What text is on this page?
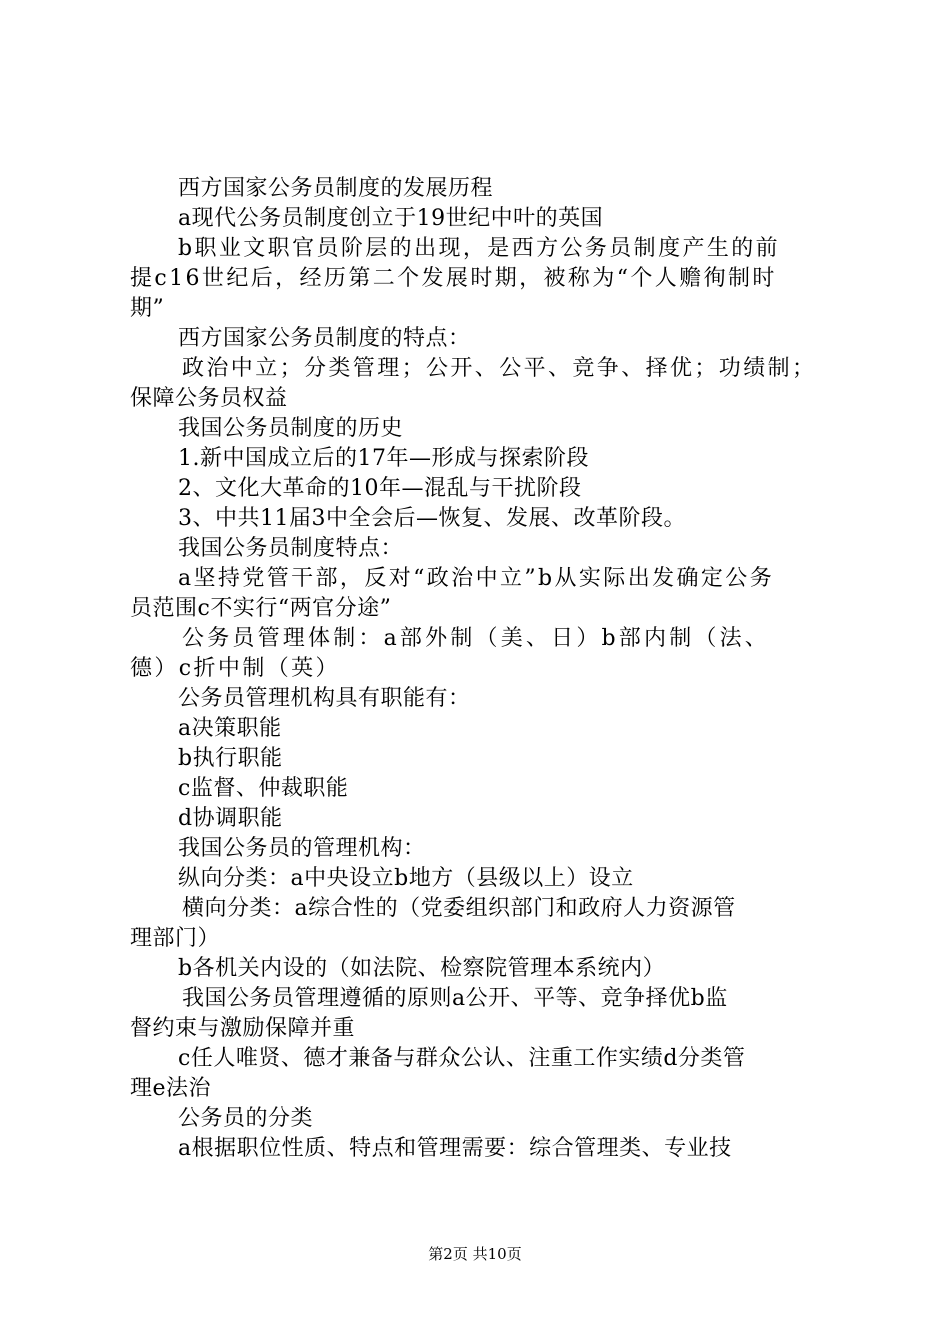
西方国家公务员制度的发展历程
a现代公务员制度创立于19世纪中叶的英国
b职业文职官员阶层的出现，是西方公务员制度产生的前
提c16世纪后，经历第二个发展时期，被称为“个人赡徇制时
期”
西方国家公务员制度的特点：
政治中立；分类管理；公开、公平、竞争、择优；功绩制；
保障公务员权益
我国公务员制度的历史
1.新中国成立后的17年—形成与探索阶段
2、文化大革命的10年—混乱与干扰阶段
3、中共11届3中全会后—恢复、发展、改革阶段。
我国公务员制度特点：
a坚持党管干部，反对“政治中立”b从实际出发确定公务
员范围c不实行“两官分途”
公务员管理体制：a部外制（美、日）b部内制（法、
德）c折中制（英）
公务员管理机构具有职能有：
a决策职能
b执行职能
c监督、仲裁职能
d协调职能
我国公务员的管理机构：
纵向分类：a中央设立b地方（县级以上）设立
横向分类：a综合性的（党委组织部门和政府人力资源管
理部门）
b各机关内设的（如法院、检察院管理本系统内）
我国公务员管理遵循的原则a公开、平等、竞争择优b监
督约束与激励保障并重
c任人唯贤、德才兼备与群众公认、注重工作实绩d分类管
理e法治
公务员的分类
a根据职位性质、特点和管理需要：综合管理类、专业技
第2页 共10页
